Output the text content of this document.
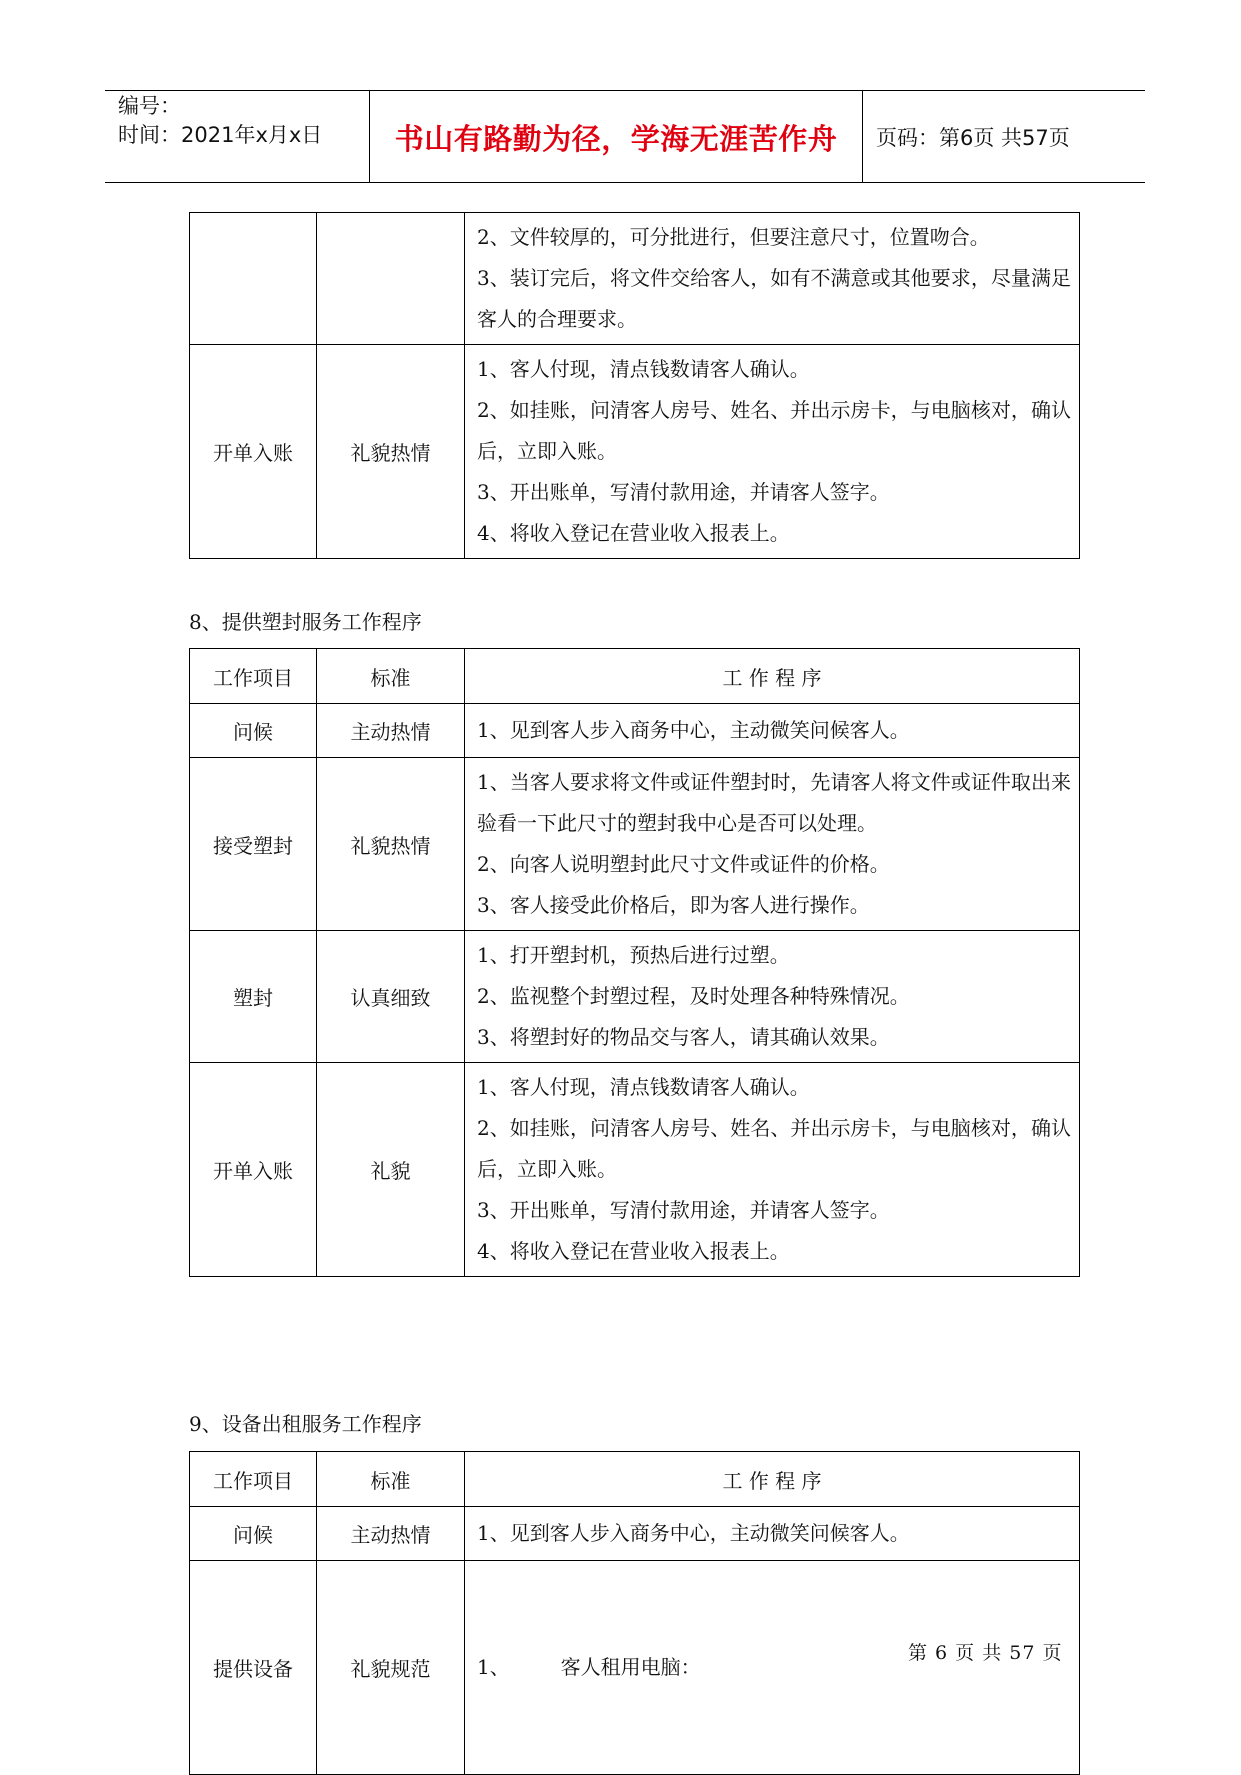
编号：
时间：2021年x月x日	书山有路勤为径，学海无涯苦作舟	页码：第6页 共57页

		2、文件较厚的，可分批进行，但要注意尺寸，位置吻合。
3、装订完后，将文件交给客人，如有不满意或其他要求，尽量满足客人的合理要求。

开单入账	礼貌热情	1、客人付现，清点钱数请客人确认。
2、如挂账，问清客人房号、姓名、并出示房卡，与电脑核对，确认后，立即入账。
3、开出账单，写清付款用途，并请客人签字。
4、将收入登记在营业收入报表上。
8、提供塑封服务工作程序
工作项目	标准	工 作 程 序
问候	主动热情	1、见到客人步入商务中心，主动微笑问候客人。

接受塑封	礼貌热情	1、当客人要求将文件或证件塑封时，先请客人将文件或证件取出来验看一下此尺寸的塑封我中心是否可以处理。
2、向客人说明塑封此尺寸文件或证件的价格。
3、客人接受此价格后，即为客人进行操作。

塑封	认真细致	1、打开塑封机，预热后进行过塑。
2、监视整个封塑过程，及时处理各种特殊情况。
3、将塑封好的物品交与客人，请其确认效果。

开单入账	礼貌	1、客人付现，清点钱数请客人确认。
2、如挂账，问清客人房号、姓名、并出示房卡，与电脑核对，确认后，立即入账。
3、开出账单，写清付款用途，并请客人签字。
4、将收入登记在营业收入报表上。
9、设备出租服务工作程序
工作项目	标准	工 作 程 序
问候	主动热情	1、见到客人步入商务中心，主动微笑问候客人。

提供设备	礼貌规范	1、        客人租用电脑：

第 6 页 共 57 页
